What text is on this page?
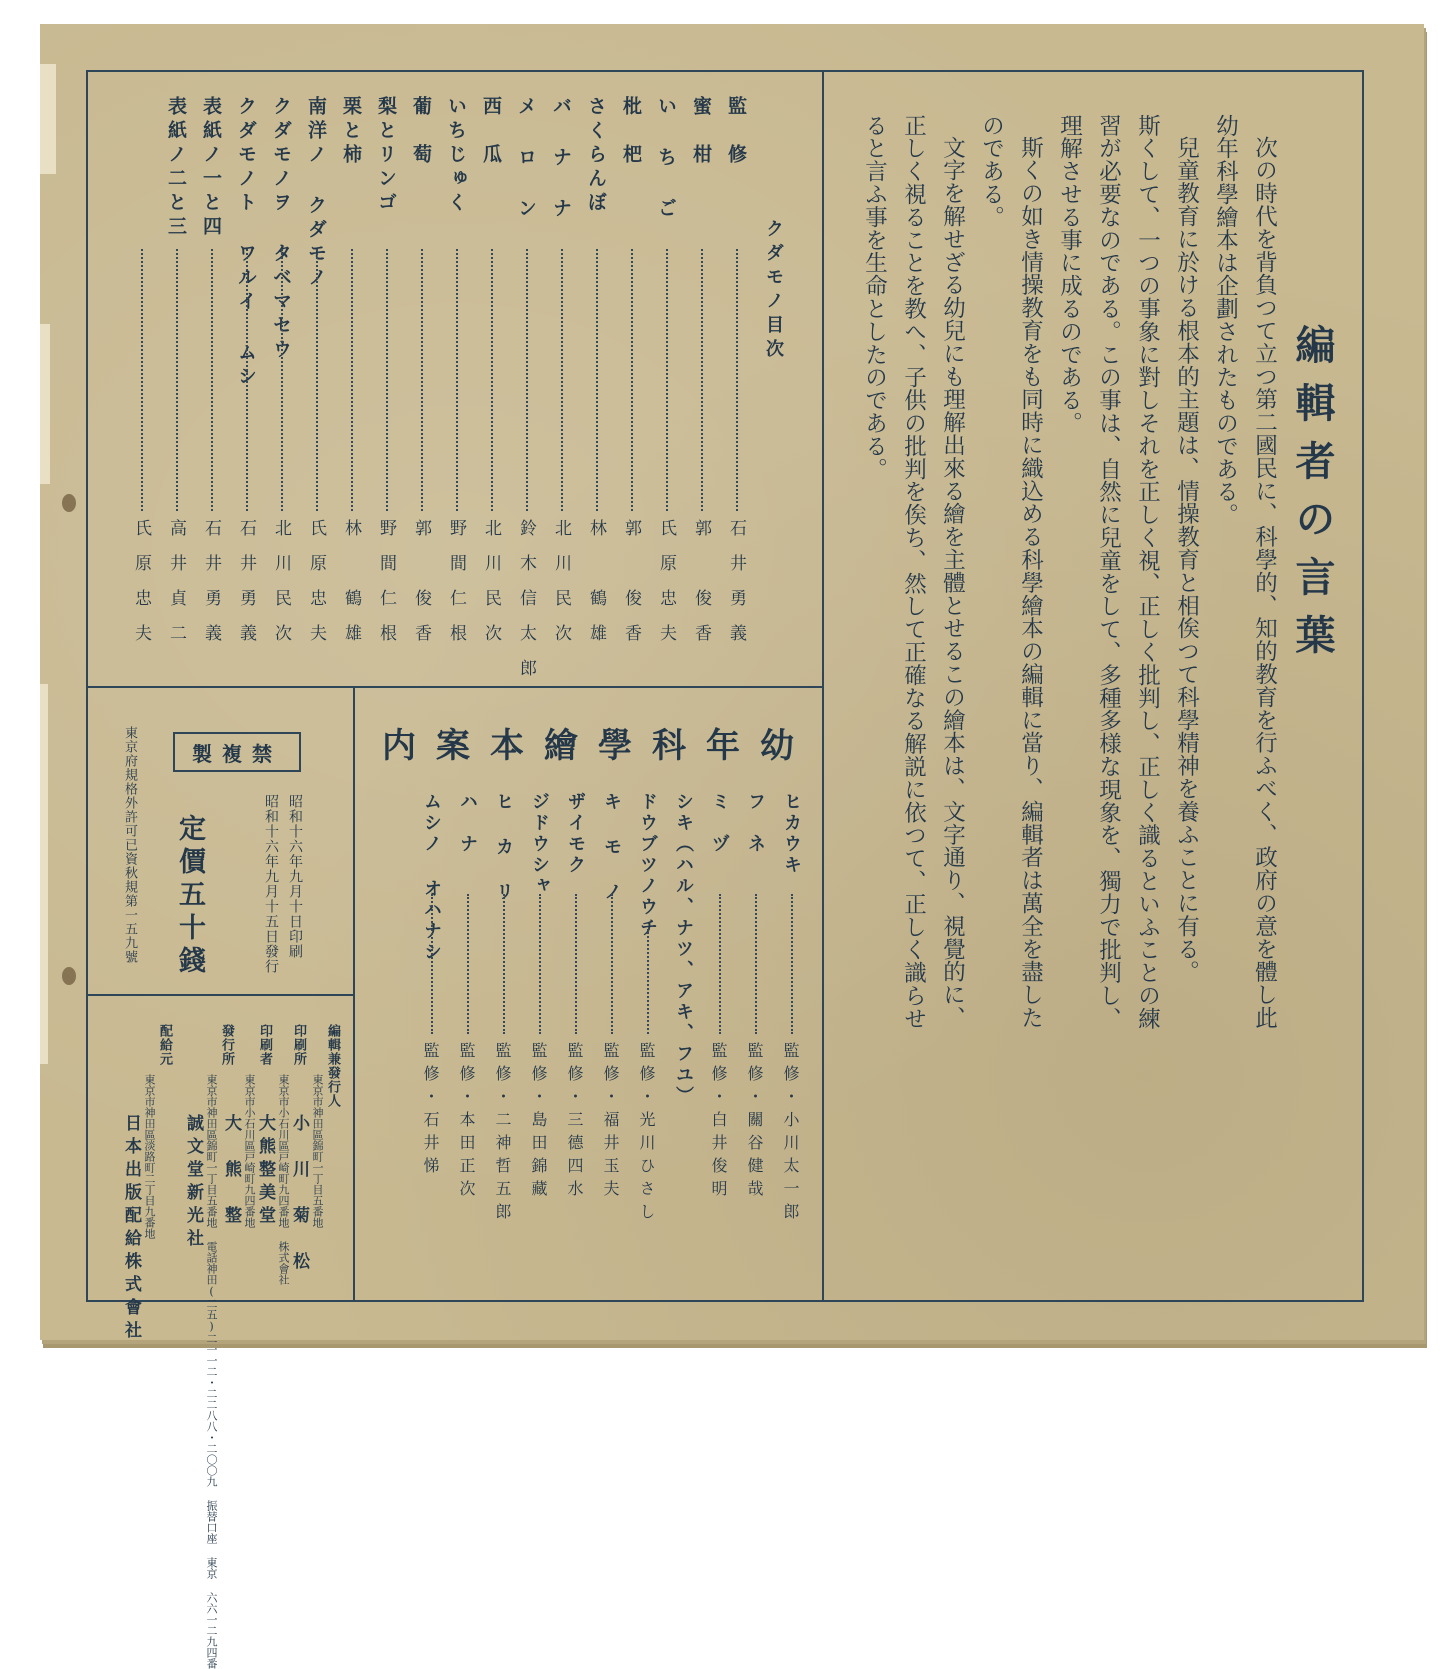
編輯者の言葉
次の時代を背負つて立つ第二國民に、科學的、知的教育を行ふべく、政府の意を體し此
幼年科學繪本は企劃されたものである。
兒童教育に於ける根本的主題は、情操教育と相俟つて科學精神を養ふことに有る。
斯くして、一つの事象に對しそれを正しく視、正しく批判し、正しく識るといふことの練
習が必要なのである。この事は、自然に兒童をして、多種多様な現象を、獨力で批判し、
理解させる事に成るのである。
斯くの如き情操教育をも同時に織込める科學繪本の編輯に當り、編輯者は萬全を盡した
のである。
文字を解せざる幼兒にも理解出來る繪を主體とせるこの繪本は、文字通り、視覺的に、
正しく視ることを教へ、子供の批判を俟ち、然して正確なる解説に依つて、正しく識らせ
ると言ふ事を生命としたのである。
クダモノ目次
監　修
石井勇義
蜜　柑
郭　俊香
い ち ご
氏原忠夫
枇　杷
郭　俊香
さくらんぼ
林　鶴雄
バ ナ ナ
北川民次
メ ロ ン
鈴木信太郎
西　瓜
北川民次
いちじゅく
野間仁根
葡　萄
郭　俊香
梨とリンゴ
野間仁根
栗と柿
林　鶴雄
南洋ノ クダモノ
氏原忠夫
クダモノヲ タベマセウ
北川民次
クダモノト ワルイ ムシ
石井勇義
表紙ノ一と四
石井勇義
表紙ノ二と三
高井貞二
氏原忠夫
幼年科學繪本案内
ヒカウキ
監修・小川太一郎
フ　ネ
監修・關谷健哉
ミ　ヅ
監修・白井俊明
シキ（ハル、ナツ、アキ、フユ）
ドウブツノウチ
監修・光川ひさし
キ モ ノ
監修・福井玉夫
ザイモク
監修・三德四水
ジドウシャ
監修・島田錦藏
ヒ カ リ
監修・二神哲五郎
ハ　ナ
監修・本田正次
ムシノ オハナシ
監修・石井悌
禁複製
東京府規格外許可已資秋規第一五九號 定價五十錢	昭和十六年九月十日印刷
昭和十六年九月十五日發行
編輯兼發行人
東京市神田區錦町一丁目五番地
小　川　菊　松
印刷所
東京市小石川區戸崎町九四番地 株式會社
大熊整美堂
印刷者
東京市小石川區戸崎町九四番地
大　熊　整
發行所
東京市神田區錦町一丁目五番地 電話神田(二五)二一一二・二二八八・二〇〇九 振替口座 東京 六六一二九四番
誠文堂新光社
配給元
東京市神田區淡路町二丁目九番地
日本出版配給株式會社
